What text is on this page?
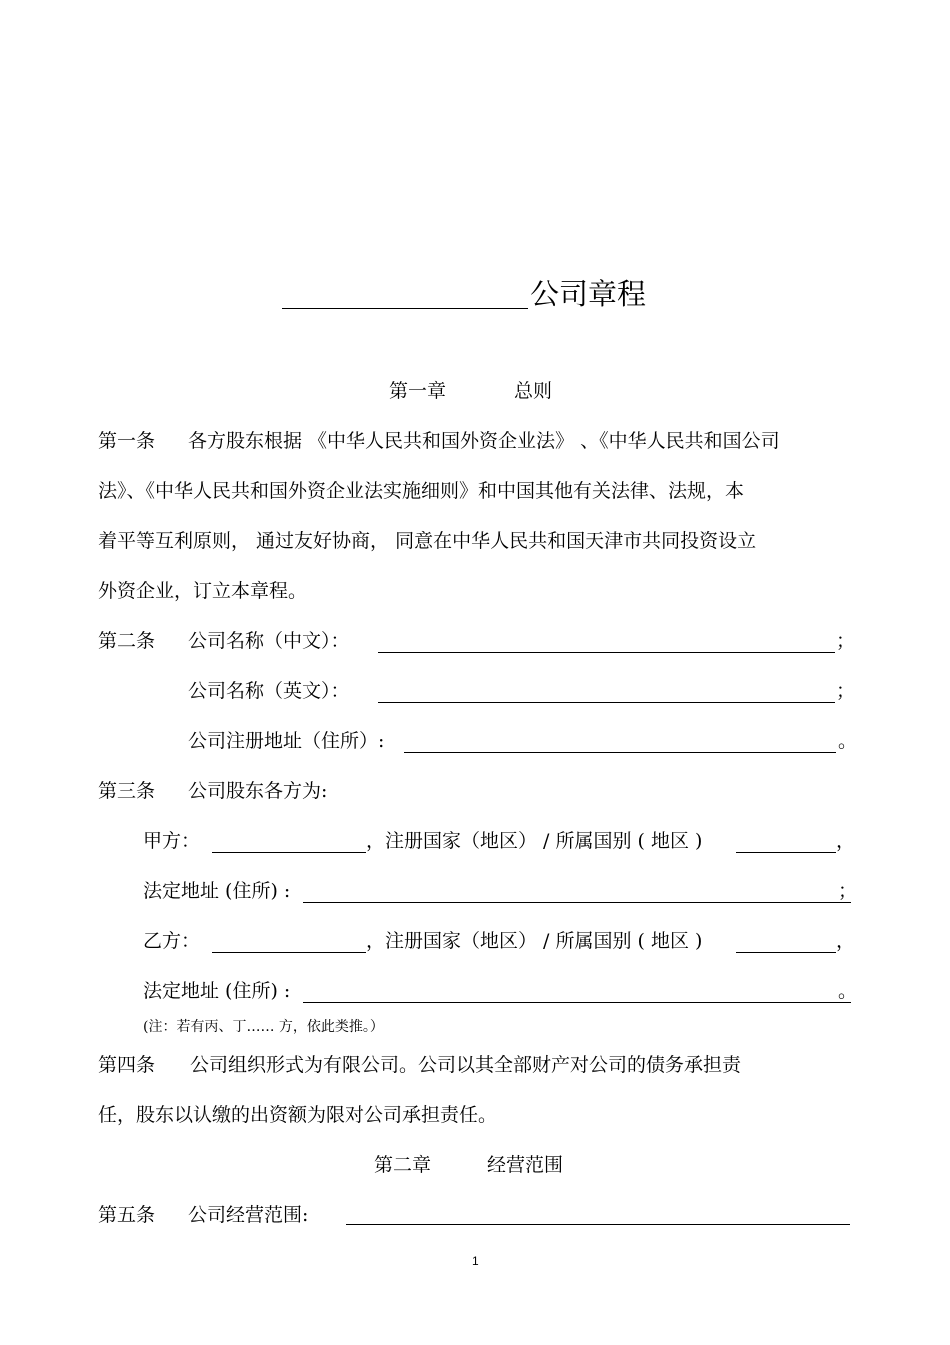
公司章程
第一章	总则
第一条 各方股东根据 《中华人民共和国外资企业法》 、《中华人民共和国公司
法》、《中华人民共和国外资企业法实施细则》和中国其他有关法律、法规，本
着平等互利原则， 通过友好协商， 同意在中华人民共和国天津市共同投资设立
外资企业，订立本章程。
第二条 公司名称（中文）：	；
公司名称（英文）：	；
公司注册地址（住所）:	。
第三条 公司股东各方为:
甲方：	，注册国家（地区） / 所属国别 ( 地区 )	，
法定地址 (住所) :	；
乙方：	，注册国家（地区） / 所属国别 ( 地区 )	，
法定地址 (住所) :	。
(注：若有丙、丁…… 方，依此类推。）
第四条 公司组织形式为有限公司。公司以其全部财产对公司的债务承担责
任，股东以认缴的出资额为限对公司承担责任。
第二章	经营范围
第五条 公司经营范围:
1
